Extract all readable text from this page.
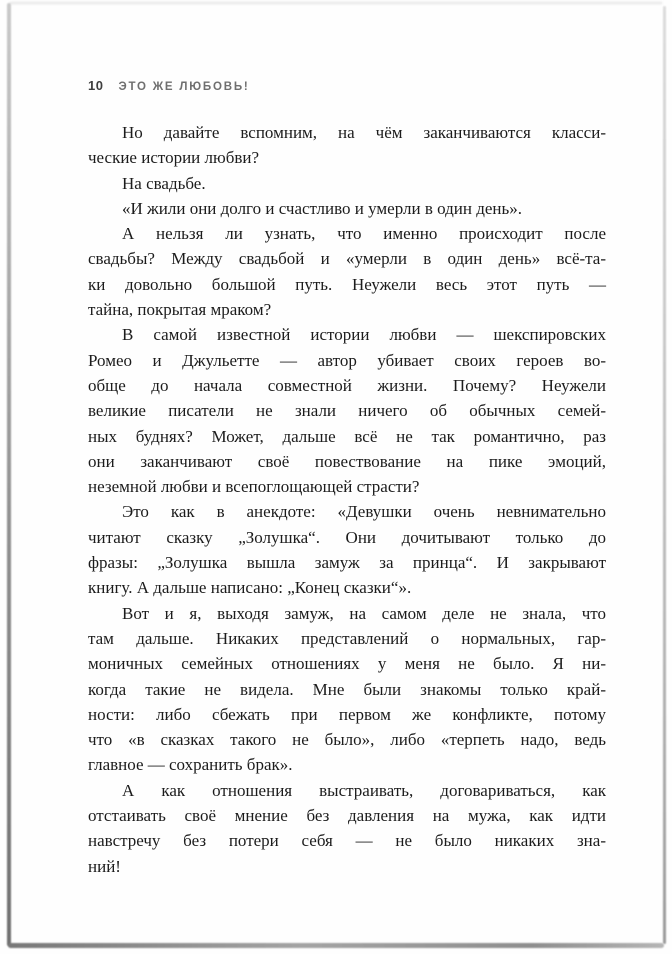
10 ЭТО ЖЕ ЛЮБОВЬ!

Но давайте вспомним, на чём заканчиваются класси-
ческие истории любви?

На свадьбе.

«И жили они долго и счастливо и умерли в один день».

А нельзя ли узнать, что именно происходит после
свадьбы? Между свадьбой и «умерли в один день» всё-та-
ки довольно большой путь. Неужели весь этот путь —
тайна, покрытая мраком?

В самой известной истории любви — шекспировских
Ромео и Джульетте — автор убивает своих героев во-
обще до начала совместной жизни. Почему? Неужели
великие писатели не знали ничего об обычных семей-
ных буднях? Может, дальше всё не так романтично, раз
они заканчивают своё повествование на пике эмоций,
неземной любви и всепоглощающей страсти?

Это как в анекдоте: «Девушки очень невнимательно
читают сказку „Золушка“. Они дочитывают только до
фразы: „Золушка вышла замуж за принца“. И закрывают
книгу. А дальше написано: „Конец сказки“».

Вот и я, выходя замуж, на самом деле не знала, что
там дальше. Никаких представлений о нормальных, гар-
моничных семейных отношениях у меня не было. Я ни-
когда такие не видела. Мне были знакомы только край-
ности: либо сбежать при первом же конфликте, потому
что «в сказках такого не было», либо «терпеть надо, ведь
главное — сохранить брак».

А как отношения выстраивать, договариваться, как
отстаивать своё мнение без давления на мужа, как идти
навстречу без потери себя — не было никаких зна-
ний!
